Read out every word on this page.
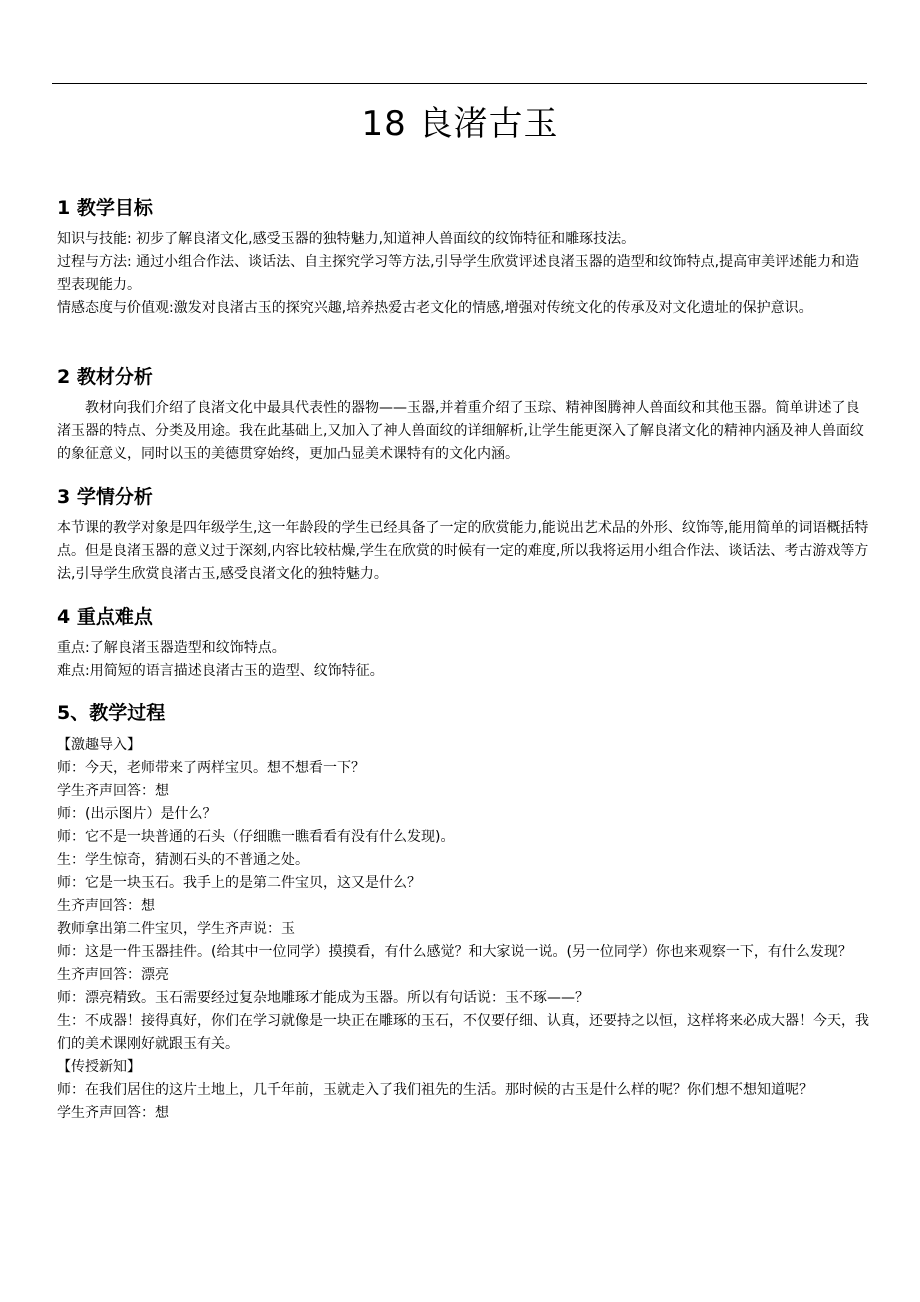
18 良渚古玉
1 教学目标

知识与技能: 初步了解良渚文化,感受玉器的独特魅力,知道神人兽面纹的纹饰特征和雕琢技法。

过程与方法: 通过小组合作法、谈话法、自主探究学习等方法,引导学生欣赏评述良渚玉器的造型和纹饰特点,提高审美评述能力和造型表现能力。

情感态度与价值观:激发对良渚古玉的探究兴趣,培养热爱古老文化的情感,增强对传统文化的传承及对文化遗址的保护意识。

2 教材分析

教材向我们介绍了良渚文化中最具代表性的器物——玉器,并着重介绍了玉琮、精神图腾神人兽面纹和其他玉器。简单讲述了良渚玉器的特点、分类及用途。我在此基础上,又加入了神人兽面纹的详细解析,让学生能更深入了解良渚文化的精神内涵及神人兽面纹的象征意义，同时以玉的美德贯穿始终，更加凸显美术课特有的文化内涵。

3 学情分析

本节课的教学对象是四年级学生,这一年龄段的学生已经具备了一定的欣赏能力,能说出艺术品的外形、纹饰等,能用简单的词语概括特点。但是良渚玉器的意义过于深刻,内容比较枯燥,学生在欣赏的时候有一定的难度,所以我将运用小组合作法、谈话法、考古游戏等方法,引导学生欣赏良渚古玉,感受良渚文化的独特魅力。

4 重点难点

重点:了解良渚玉器造型和纹饰特点。

难点:用简短的语言描述良渚古玉的造型、纹饰特征。

5、教学过程

【激趣导入】

师：今天，老师带来了两样宝贝。想不想看一下？

学生齐声回答：想

师：(出示图片）是什么？

师：它不是一块普通的石头（仔细瞧一瞧看看有没有什么发现)。

生：学生惊奇，猜测石头的不普通之处。

师：它是一块玉石。我手上的是第二件宝贝，这又是什么？

生齐声回答：想

教师拿出第二件宝贝，学生齐声说：玉

师：这是一件玉器挂件。(给其中一位同学）摸摸看，有什么感觉？和大家说一说。(另一位同学）你也来观察一下，有什么发现？

生齐声回答：漂亮

师：漂亮精致。玉石需要经过复杂地雕琢才能成为玉器。所以有句话说：玉不琢——？

生：不成器！接得真好，你们在学习就像是一块正在雕琢的玉石，不仅要仔细、认真，还要持之以恒，这样将来必成大器！今天，我们的美术课刚好就跟玉有关。

【传授新知】

师：在我们居住的这片土地上，几千年前，玉就走入了我们祖先的生活。那时候的古玉是什么样的呢？你们想不想知道呢？

学生齐声回答：想
